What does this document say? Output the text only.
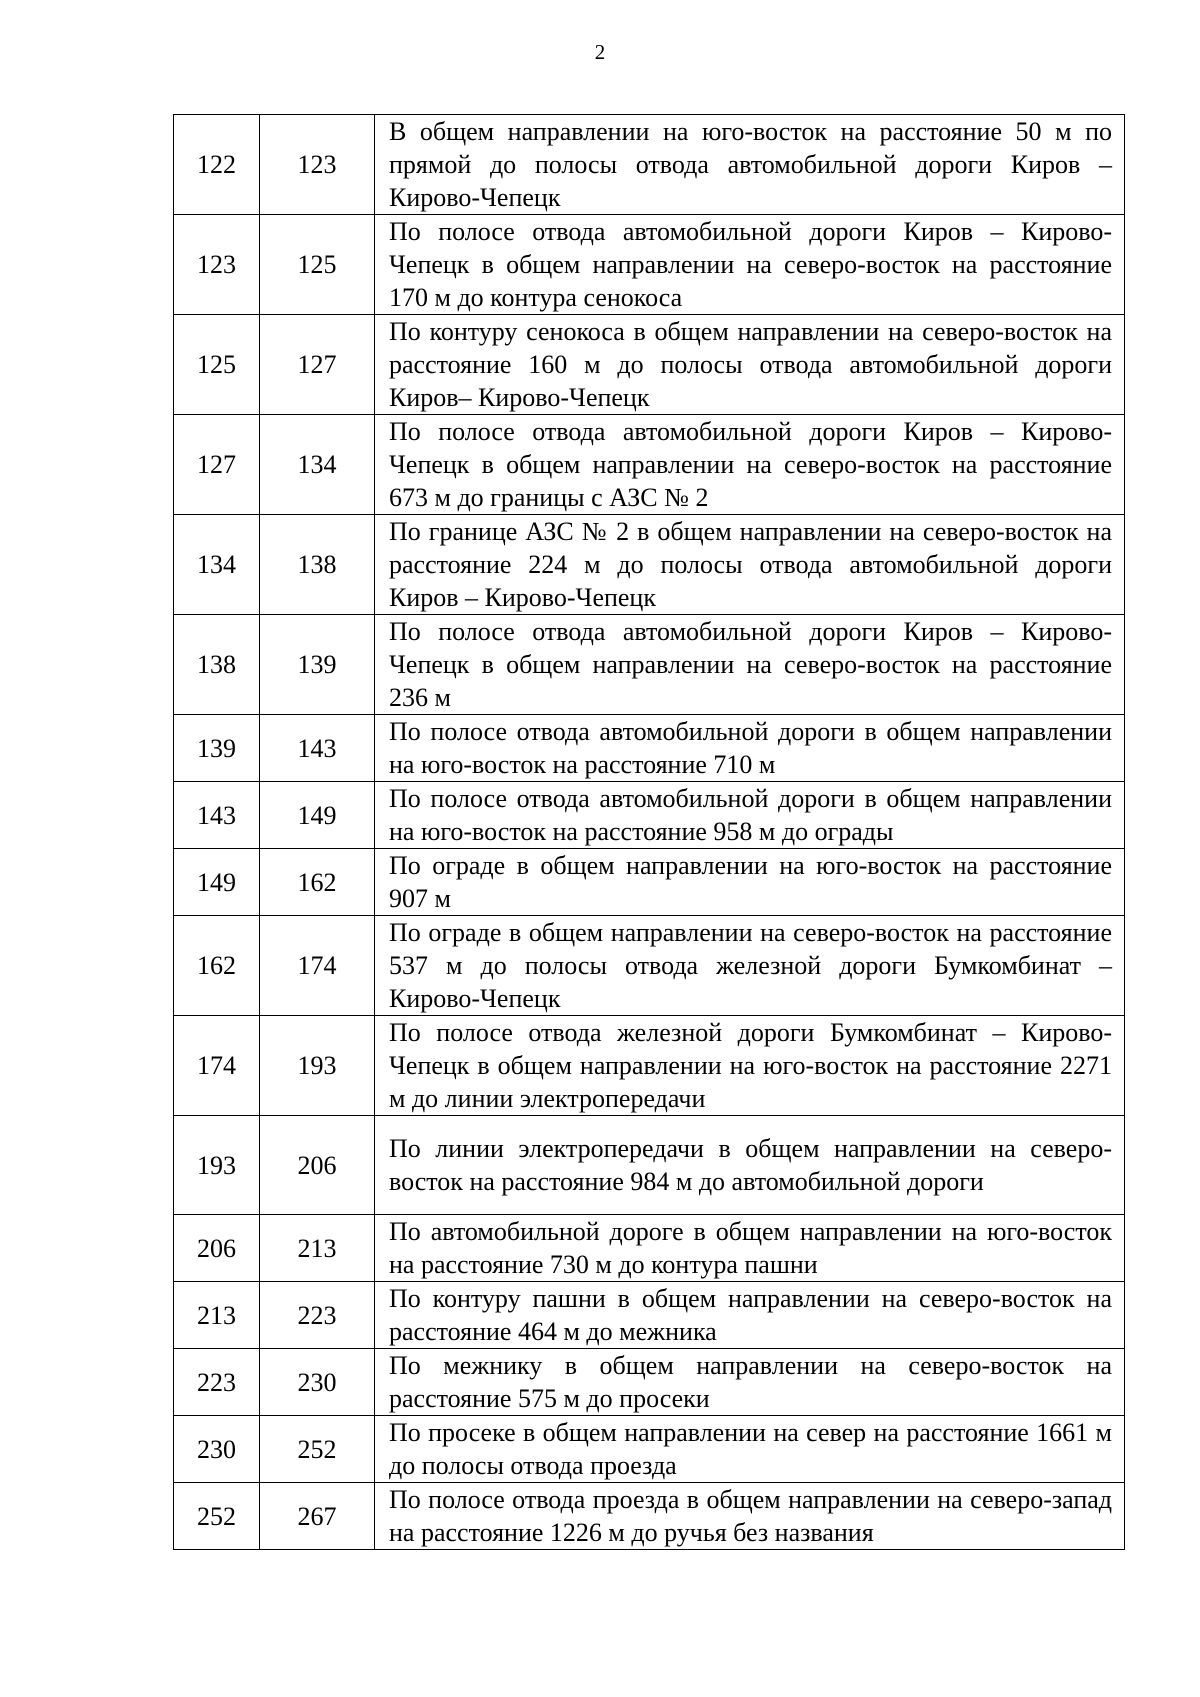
2
122	123	В общем направлении на юго-восток на расстояние 50 м по прямой до полосы отвода автомобильной дороги Киров – Кирово-Чепецк
123	125	По полосе отвода автомобильной дороги Киров – Кирово-Чепецк в общем направлении на северо-восток на расстояние 170 м до контура сенокоса
125	127	По контуру сенокоса в общем направлении на северо-восток на расстояние 160 м до полосы отвода автомобильной дороги Киров– Кирово-Чепецк
127	134	По полосе отвода автомобильной дороги Киров – Кирово-Чепецк в общем направлении на северо-восток на расстояние 673 м до границы с АЗС № 2
134	138	По границе АЗС № 2 в общем направлении на северо-восток на расстояние 224 м до полосы отвода автомобильной дороги Киров – Кирово-Чепецк
138	139	По полосе отвода автомобильной дороги Киров – Кирово-Чепецк в общем направлении на северо-восток на расстояние 236 м
139	143	По полосе отвода автомобильной дороги в общем направлении на юго-восток на расстояние 710 м
143	149	По полосе отвода автомобильной дороги в общем направлении на юго-восток на расстояние 958 м до ограды
149	162	По ограде в общем направлении на юго-восток на расстояние 907 м
162	174	По ограде в общем направлении на северо-восток на расстояние 537 м до полосы отвода железной дороги Бумкомбинат – Кирово-Чепецк
174	193	По полосе отвода железной дороги Бумкомбинат – Кирово-Чепецк в общем направлении на юго-восток на расстояние 2271 м до линии электропередачи
193	206	По линии электропередачи в общем направлении на северо-восток на расстояние 984 м до автомобильной дороги
206	213	По автомобильной дороге в общем направлении на юго-восток на расстояние 730 м до контура пашни
213	223	По контуру пашни в общем направлении на северо-восток на расстояние 464 м до межника
223	230	По межнику в общем направлении на северо-восток на расстояние 575 м до просеки
230	252	По просеке в общем направлении на север на расстояние 1661 м до полосы отвода проезда
252	267	По полосе отвода проезда в общем направлении на северо-запад на расстояние 1226 м до ручья без названия
